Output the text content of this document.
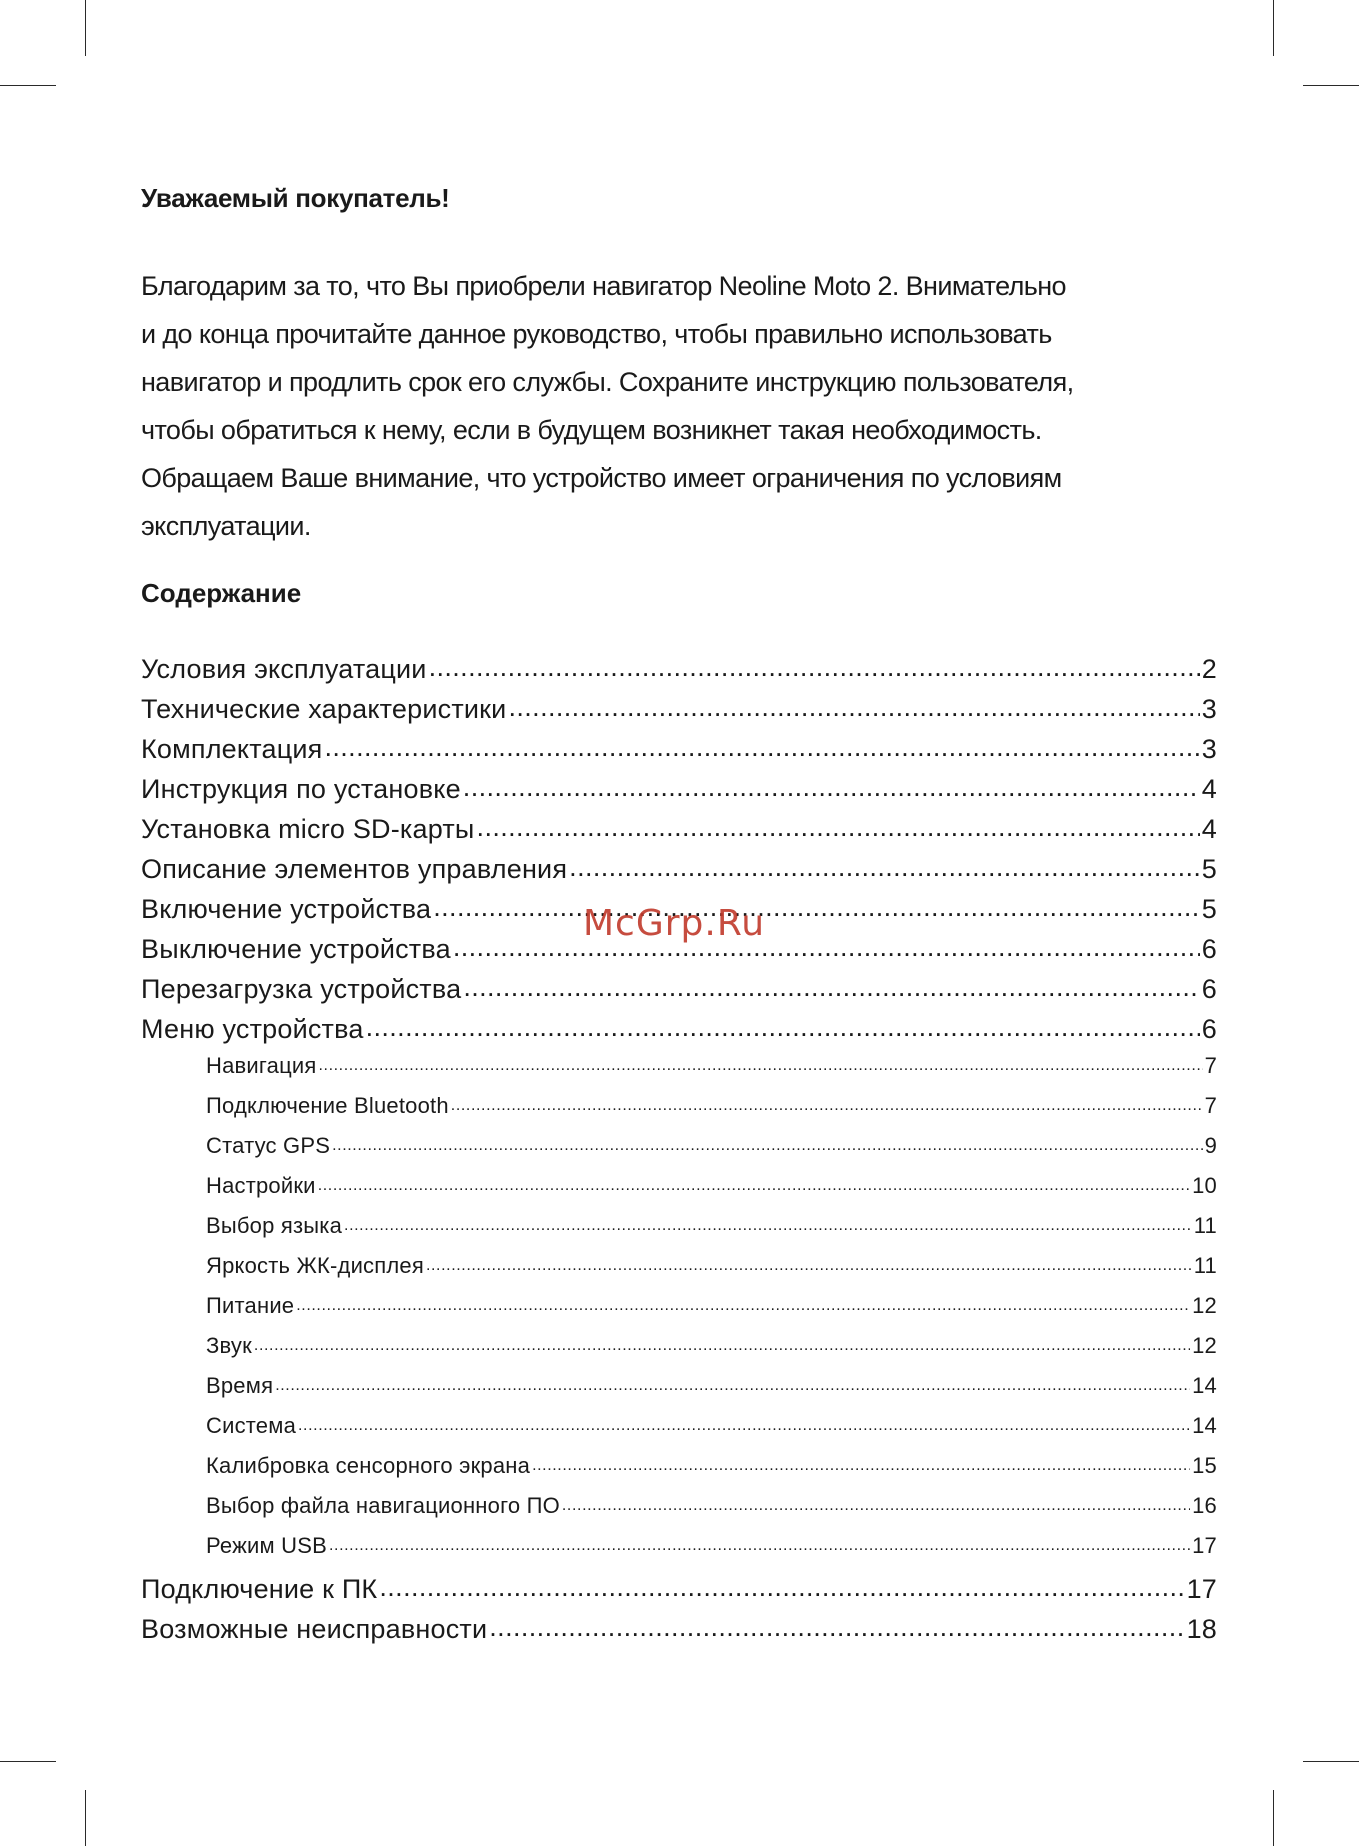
Уважаемый покупатель!

Благодарим за то, что Вы приобрели навигатор Neoline Moto 2. Внимательно
и до конца прочитайте данное руководство, чтобы правильно использовать
навигатор и продлить срок его службы. Сохраните инструкцию пользователя,
чтобы обратиться к нему, если в будущем возникнет такая необходимость.
Обращаем Ваше внимание, что устройство имеет ограничения по условиям
эксплуатации.

Содержание
Условия эксплуатации .....	2
Технические характеристики .....	3
Комплектация .....	3
Инструкция по установке .....	4
Установка micro SD-карты .....	4
Описание элементов управления .....	5
Включение устройства .....	5
Выключение устройства .....	6
Перезагрузка устройства .....	6
Меню устройства .....	6
Навигация .....	7
Подключение Bluetooth .....	7
Статус GPS .....	9
Настройки .....	10
Выбор языка .....	11
Яркость ЖК-дисплея .....	11
Питание .....	12
Звук .....	12
Время .....	14
Система .....	14
Калибровка сенсорного экрана .....	15
Выбор файла навигационного ПО .....	16
Режим USB .....	17
Подключение к ПК .....	17
Возможные неисправности .....	18
McGrp.Ru
